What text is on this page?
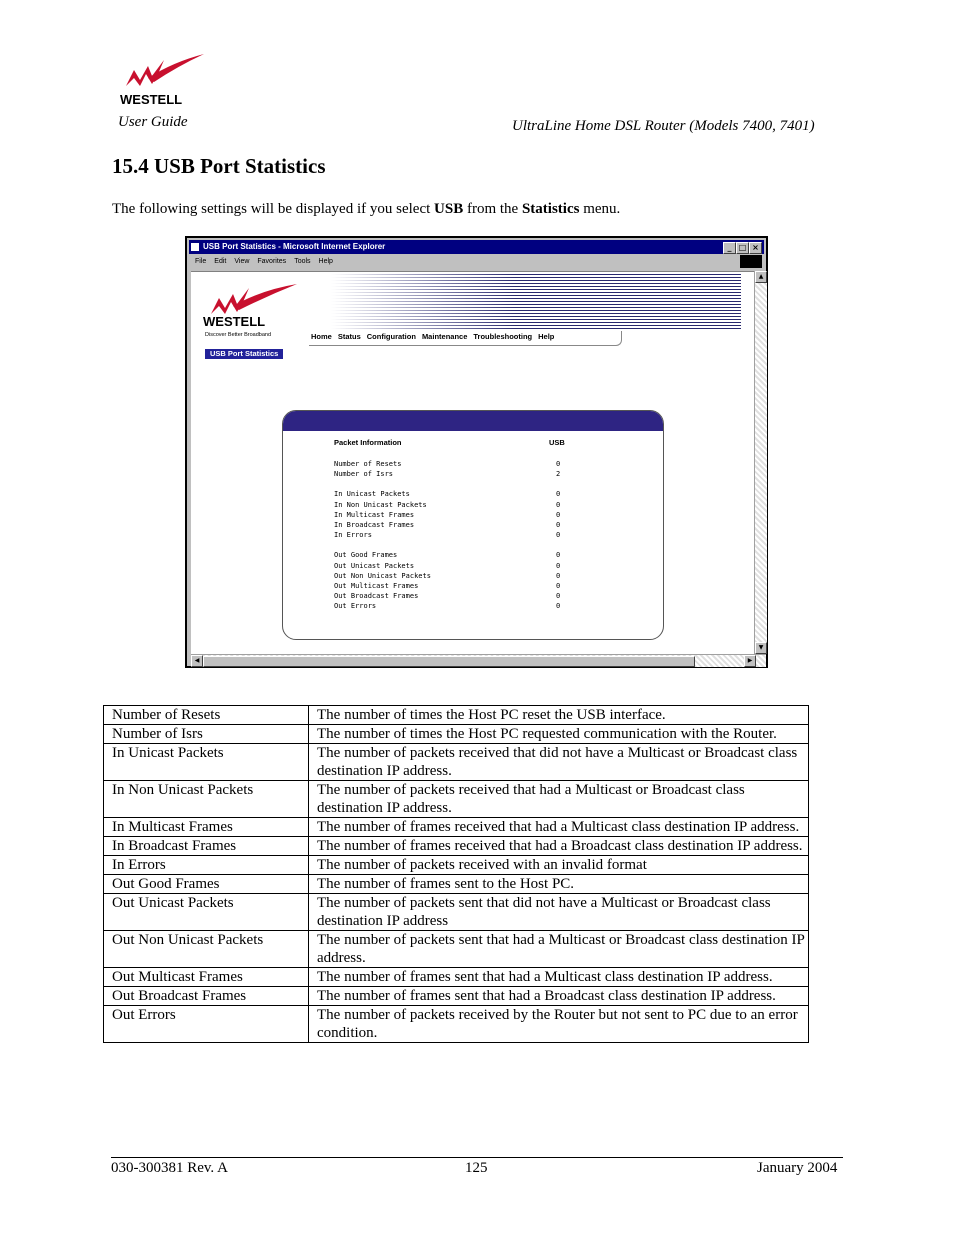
WESTELL
User Guide	UltraLine Home DSL Router (Models 7400, 7401)
15.4 USB Port Statistics
The following settings will be displayed if you select USB from the Statistics menu.
USB Port Statistics - Microsoft Internet Explorer	_ □ ×
File Edit View Favorites Tools Help
WESTELL
Discover Better Broadband	Home Status Configuration Maintenance Troubleshooting Help
USB Port Statistics
Packet Information	USB
Number of Resets	0
Number of Isrs	2
In Unicast Packets	0
In Non Unicast Packets	0
In Multicast Frames	0
In Broadcast Frames	0
In Errors	0
Out Good Frames	0
Out Unicast Packets	0
Out Non Unicast Packets	0
Out Multicast Frames	0
Out Broadcast Frames	0
Out Errors	0
▲
▼
◀	▶
Number of Resets	The number of times the Host PC reset the USB interface.
Number of Isrs	The number of times the Host PC requested communication with the Router.
In Unicast Packets	The number of packets received that did not have a Multicast or Broadcast class destination IP address.
In Non Unicast Packets	The number of packets received that had a Multicast or Broadcast class destination IP address.
In Multicast Frames	The number of frames received that had a Multicast class destination IP address.
In Broadcast Frames	The number of frames received that had a Broadcast class destination IP address.
In Errors	The number of packets received with an invalid format
Out Good Frames	The number of frames sent to the Host PC.
Out Unicast Packets	The number of packets sent that did not have a Multicast or Broadcast class destination IP address
Out Non Unicast Packets	The number of packets sent that had a Multicast or Broadcast class destination IP address.
Out Multicast Frames	The number of frames sent that had a Multicast class destination IP address.
Out Broadcast Frames	The number of frames sent that had a Broadcast class destination IP address.
Out Errors	The number of packets received by the Router but not sent to PC due to an error condition.
030-300381 Rev. A	125	January 2004
